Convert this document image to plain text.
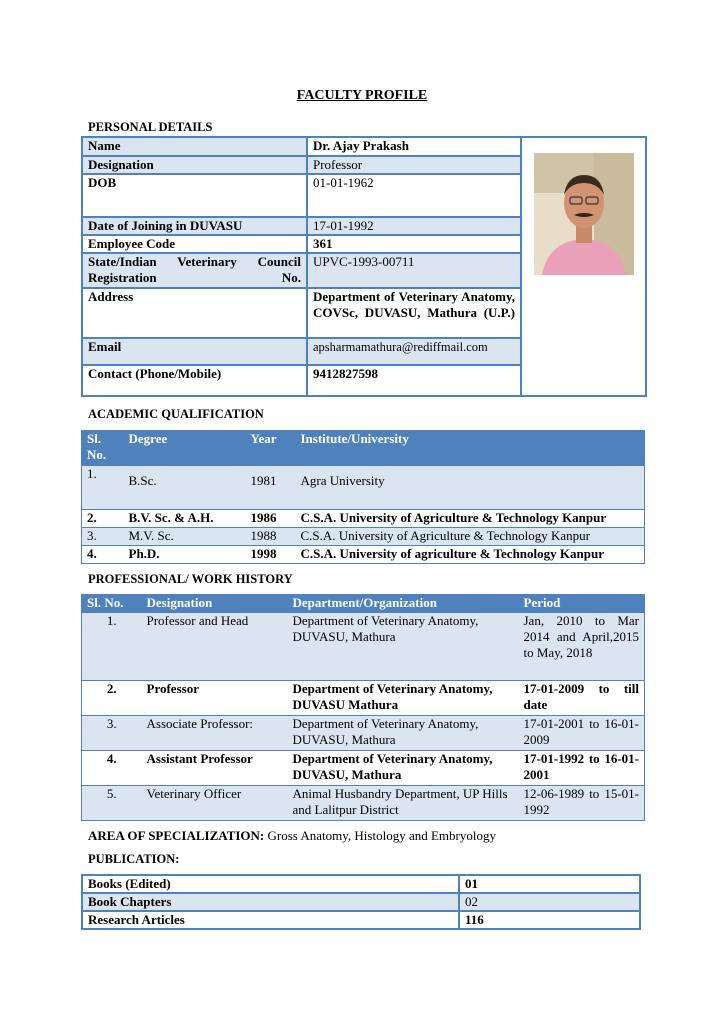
FACULTY PROFILE
PERSONAL DETAILS
Name	Dr. Ajay Prakash	

Designation	Professor	
DOB	01-01-1962	
Date of Joining in DUVASU	17-01-1992	
Employee Code	361	
State/Indian Veterinary Council Registration No.	UPVC-1993-00711	
Address	Department of Veterinary Anatomy, COVSc, DUVASU, Mathura (U.P.)	
Email	apsharmamathura@rediffmail.com	
Contact (Phone/Mobile)	9412827598	
ACADEMIC QUALIFICATION
Sl. No.	Degree	Year	Institute/University
1.	B.Sc.	1981	Agra University
2.	B.V. Sc. & A.H.	1986	C.S.A. University of Agriculture & Technology Kanpur
3.	M.V. Sc.	1988	C.S.A. University of Agriculture & Technology Kanpur
4.	Ph.D.	1998	C.S.A. University of agriculture & Technology Kanpur
PROFESSIONAL/ WORK HISTORY
Sl. No.	Designation	Department/Organization	Period
1.	Professor and Head	Department of Veterinary Anatomy, DUVASU, Mathura	Jan, 2010 to Mar 2014 and April,2015 to May, 2018
2.	Professor	Department of Veterinary Anatomy, DUVASU Mathura	17-01-2009 to till date
3.	Associate Professor:	Department of Veterinary Anatomy, DUVASU, Mathura	17-01-2001 to 16-01-2009
4.	Assistant Professor	Department of Veterinary Anatomy, DUVASU, Mathura	17-01-1992 to 16-01-2001
5.	Veterinary Officer	Animal Husbandry Department, UP Hills and Lalitpur District	12-06-1989 to 15-01- 1992
AREA OF SPECIALIZATION: Gross Anatomy, Histology and Embryology
PUBLICATION:
Books (Edited)	01
Book Chapters	02
Research Articles	116
